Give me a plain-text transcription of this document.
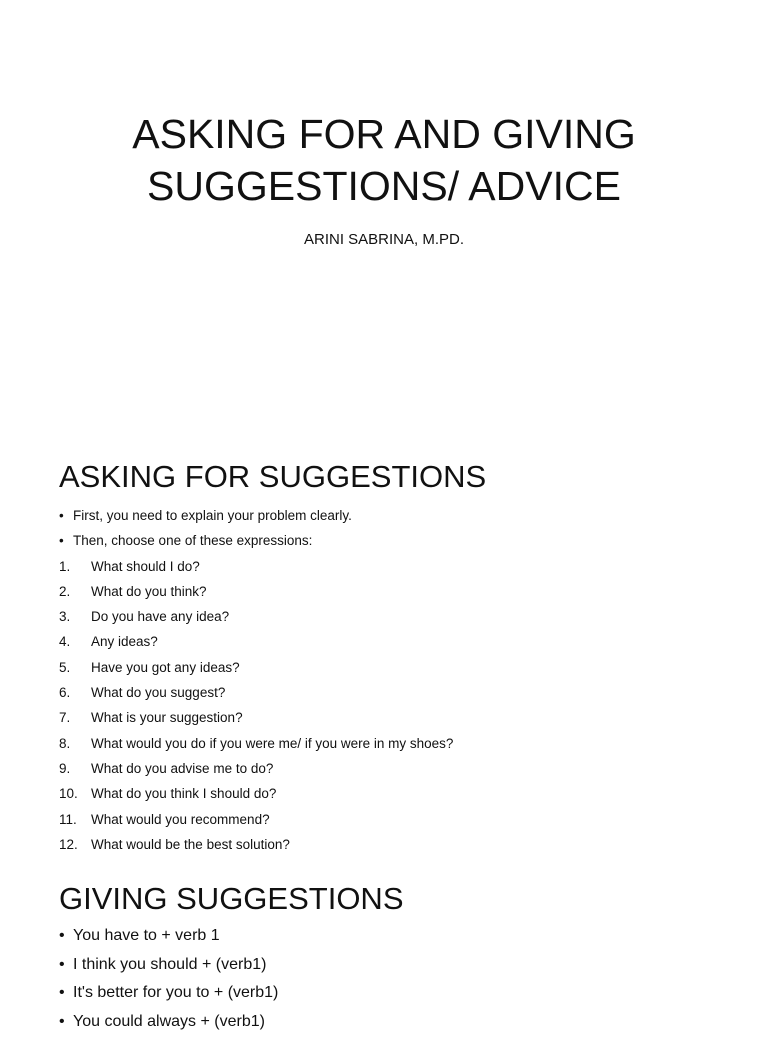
ASKING FOR AND GIVING
SUGGESTIONS/ ADVICE
ARINI SABRINA, M.PD.
ASKING FOR SUGGESTIONS
• First, you need to explain your problem clearly.
• Then, choose one of these expressions:
1. What should I do?
2. What do you think?
3. Do you have any idea?
4. Any ideas?
5. Have you got any ideas?
6. What do you suggest?
7. What is your suggestion?
8. What would you do if you were me/ if you were in my shoes?
9. What do you advise me to do?
10. What do you think I should do?
11. What would you recommend?
12. What would be the best solution?
GIVING SUGGESTIONS
• You have to + verb 1
• I think you should + (verb1)
• It's better for you to + (verb1)
• You could always + (verb1)
